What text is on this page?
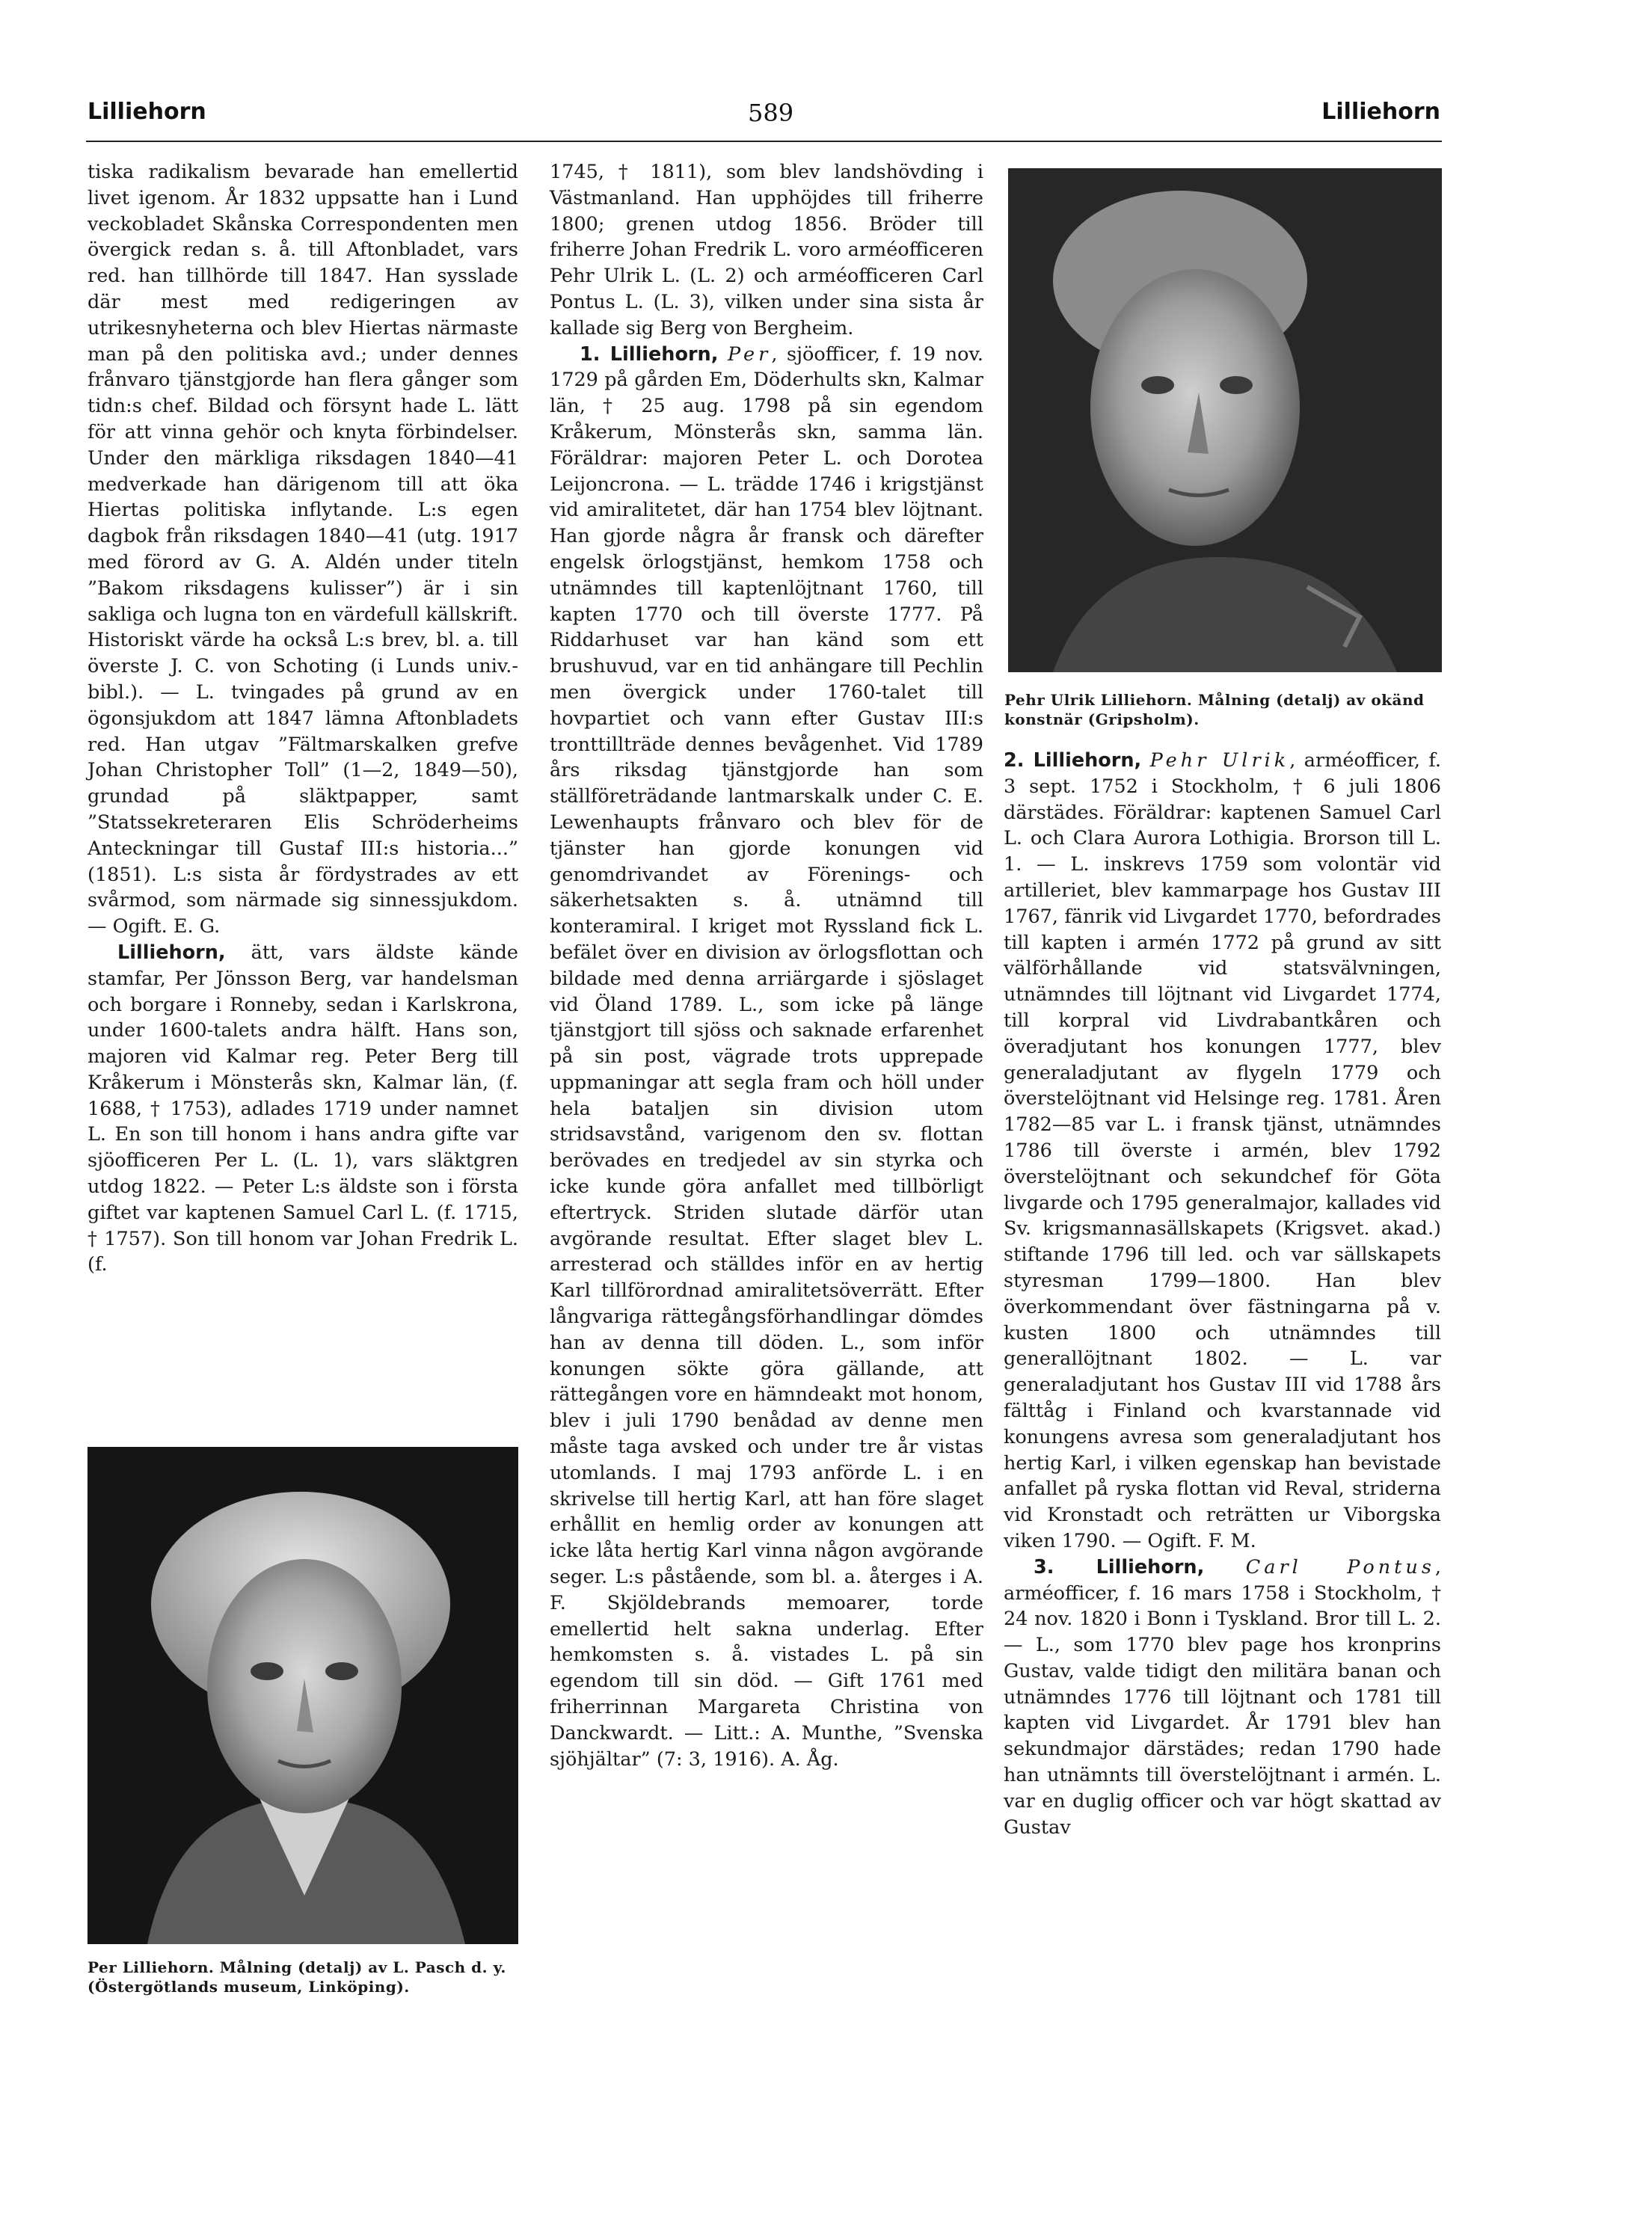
Lilliehorn	589	Lilliehorn

tiska radikalism bevarade han emellertid livet igenom. År 1832 uppsatte han i Lund veckobladet Skånska Correspondenten men övergick redan s. å. till Aftonbladet, vars red. han tillhörde till 1847. Han sysslade där mest med redigeringen av utrikesnyheterna och blev Hiertas närmaste man på den politiska avd.; under dennes frånvaro tjänstgjorde han flera gånger som tidn:s chef. Bildad och försynt hade L. lätt för att vinna gehör och knyta förbindelser. Under den märkliga riksdagen 1840—41 medverkade han därigenom till att öka Hiertas politiska inflytande. L:s egen dagbok från riksdagen 1840—41 (utg. 1917 med förord av G. A. Aldén under titeln ”Bakom riksdagens kulisser”) är i sin sakliga och lugna ton en värdefull källskrift. Historiskt värde ha också L:s brev, bl. a. till överste J. C. von Schoting (i Lunds univ.-bibl.). — L. tvingades på grund av en ögonsjukdom att 1847 lämna Aftonbladets red. Han utgav ”Fältmarskalken grefve Johan Christopher Toll” (1—2, 1849—50), grundad på släktpapper, samt ”Statssekreteraren Elis Schröderheims Anteckningar till Gustaf III:s historia...” (1851). L:s sista år fördystrades av ett svårmod, som närmade sig sinnessjukdom. — Ogift. E. G.

Lilliehorn, ätt, vars äldste kände stamfar, Per Jönsson Berg, var handelsman och borgare i Ronneby, sedan i Karlskrona, under 1600-talets andra hälft. Hans son, majoren vid Kalmar reg. Peter Berg till Kråkerum i Mönsterås skn, Kalmar län, (f. 1688, † 1753), adlades 1719 under namnet L. En son till honom i hans andra gifte var sjöofficeren Per L. (L. 1), vars släktgren utdog 1822. — Peter L:s äldste son i första giftet var kaptenen Samuel Carl L. (f. 1715, † 1757). Son till honom var Johan Fredrik L. (f.

Per Lilliehorn. Målning (detalj) av L. Pasch d. y. (Östergötlands museum, Linköping).

1745, † 1811), som blev landshövding i Västmanland. Han upphöjdes till friherre 1800; grenen utdog 1856. Bröder till friherre Johan Fredrik L. voro arméofficeren Pehr Ulrik L. (L. 2) och arméofficeren Carl Pontus L. (L. 3), vilken under sina sista år kallade sig Berg von Bergheim.

1. Lilliehorn, Per, sjöofficer, f. 19 nov. 1729 på gården Em, Döderhults skn, Kalmar län, † 25 aug. 1798 på sin egendom Kråkerum, Mönsterås skn, samma län. Föräldrar: majoren Peter L. och Dorotea Leijoncrona. — L. trädde 1746 i krigstjänst vid amiralitetet, där han 1754 blev löjtnant. Han gjorde några år fransk och därefter engelsk örlogstjänst, hemkom 1758 och utnämndes till kaptenlöjtnant 1760, till kapten 1770 och till överste 1777. På Riddarhuset var han känd som ett brushuvud, var en tid anhängare till Pechlin men övergick under 1760-talet till hovpartiet och vann efter Gustav III:s tronttillträde dennes bevågenhet. Vid 1789 års riksdag tjänstgjorde han som ställföreträdande lantmarskalk under C. E. Lewenhaupts frånvaro och blev för de tjänster han gjorde konungen vid genomdrivandet av Förenings- och säkerhetsakten s. å. utnämnd till konteramiral. I kriget mot Ryssland fick L. befälet över en division av örlogsflottan och bildade med denna arriärgarde i sjöslaget vid Öland 1789. L., som icke på länge tjänstgjort till sjöss och saknade erfarenhet på sin post, vägrade trots upprepade uppmaningar att segla fram och höll under hela bataljen sin division utom stridsavstånd, varigenom den sv. flottan berövades en tredjedel av sin styrka och icke kunde göra anfallet med tillbörligt eftertryck. Striden slutade därför utan avgörande resultat. Efter slaget blev L. arresterad och ställdes inför en av hertig Karl tillförordnad amiralitetsöverrätt. Efter långvariga rättegångsförhandlingar dömdes han av denna till döden. L., som inför konungen sökte göra gällande, att rättegången vore en hämndeakt mot honom, blev i juli 1790 benådad av denne men måste taga avsked och under tre år vistas utomlands. I maj 1793 anförde L. i en skrivelse till hertig Karl, att han före slaget erhållit en hemlig order av konungen att icke låta hertig Karl vinna någon avgörande seger. L:s påstående, som bl. a. återges i A. F. Skjöldebrands memoarer, torde emellertid helt sakna underlag. Efter hemkomsten s. å. vistades L. på sin egendom till sin död. — Gift 1761 med friherrinnan Margareta Christina von Danckwardt. — Litt.: A. Munthe, ”Svenska sjöhjältar” (7: 3, 1916). A. Åg.

Pehr Ulrik Lilliehorn. Målning (detalj) av okänd konstnär (Gripsholm).

2. Lilliehorn, Pehr Ulrik, arméofficer, f. 3 sept. 1752 i Stockholm, † 6 juli 1806 därstädes. Föräldrar: kaptenen Samuel Carl L. och Clara Aurora Lothigia. Brorson till L. 1. — L. inskrevs 1759 som volontär vid artilleriet, blev kammarpage hos Gustav III 1767, fänrik vid Livgardet 1770, befordrades till kapten i armén 1772 på grund av sitt välförhållande vid statsvälvningen, utnämndes till löjtnant vid Livgardet 1774, till korpral vid Livdrabantkåren och överadjutant hos konungen 1777, blev generaladjutant av flygeln 1779 och överstelöjtnant vid Helsinge reg. 1781. Åren 1782—85 var L. i fransk tjänst, utnämndes 1786 till överste i armén, blev 1792 överstelöjtnant och sekundchef för Göta livgarde och 1795 generalmajor, kallades vid Sv. krigsmannasällskapets (Krigsvet. akad.) stiftande 1796 till led. och var sällskapets styresman 1799—1800. Han blev överkommendant över fästningarna på v. kusten 1800 och utnämndes till generallöjtnant 1802. — L. var generaladjutant hos Gustav III vid 1788 års fälttåg i Finland och kvarstannade vid konungens avresa som generaladjutant hos hertig Karl, i vilken egenskap han bevistade anfallet på ryska flottan vid Reval, striderna vid Kronstadt och reträtten ur Viborgska viken 1790. — Ogift. F. M.

3. Lilliehorn, Carl Pontus, arméofficer, f. 16 mars 1758 i Stockholm, † 24 nov. 1820 i Bonn i Tyskland. Bror till L. 2. — L., som 1770 blev page hos kronprins Gustav, valde tidigt den militära banan och utnämndes 1776 till löjtnant och 1781 till kapten vid Livgardet. År 1791 blev han sekundmajor därstädes; redan 1790 hade han utnämnts till överstelöjtnant i armén. L. var en duglig officer och var högt skattad av Gustav
